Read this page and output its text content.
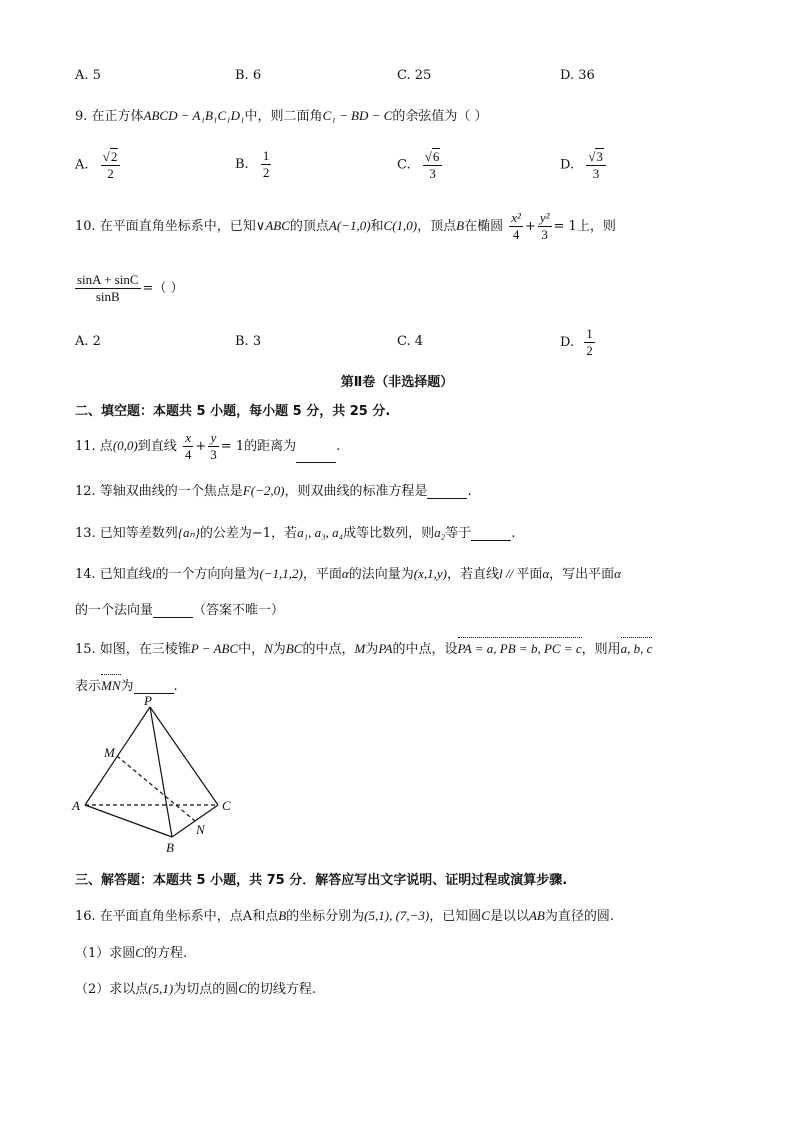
A. 5	B. 6	C. 25	D. 36
9. 在正方体ABCD − A₁B₁C₁D₁中，则二面角C₁ − BD − C的余弦值为（ ）
A. $\frac{√2}{2}$	B. $\frac{1}{2}$	C. $\frac{√6}{3}$	D. $\frac{√3}{3}$
10. 在平面直角坐标系中，已知∨ABC的顶点A(−1,0)和C(1,0)，顶点B在椭圆 $\frac{\text{x²}}{4} + \frac{\text{y²}}{3} = 1$上，则
$\frac{\sin A + \sin C}{\sin B}$ =（ ）
A. 2	B. 3	C. 4	D. $\frac{1}{2}$
第Ⅱ卷（非选择题）
二、填空题：本题共 5 小题，每小题 5 分，共 25 分.
11. 点(0,0)到直线 $\frac{x}{4} + \frac{y}{3} = 1$的距离为	.
12. 等轴双曲线的一个焦点是F(−2,0)，则双曲线的标准方程是	.
13. 已知等差数列{aₙ}的公差为−1，若a₁, a₃, a₄成等比数列，则a₂等于	.
14. 已知直线l的一个方向向量为(−1,1,2)，平面α的法向量为(x,1,y)，若直线l // 平面α，写出平面α
的一个法向量	（答案不唯一）
15. 如图，在三棱锥P − ABC中，N为BC的中点，M为PA的中点，设PA = a, PB = b, PC = c，则用a, b, c
表示MN为	.
P
M
A	C
N
B
三、解答题：本题共 5 小题，共 75 分．解答应写出文字说明、证明过程或演算步骤.
16. 在平面直角坐标系中，点A和点B的坐标分别为(5,1), (7,−3)，已知圆C是以以AB为直径的圆.
（1）求圆C的方程.
（2）求以点(5,1)为切点的圆C的切线方程.
